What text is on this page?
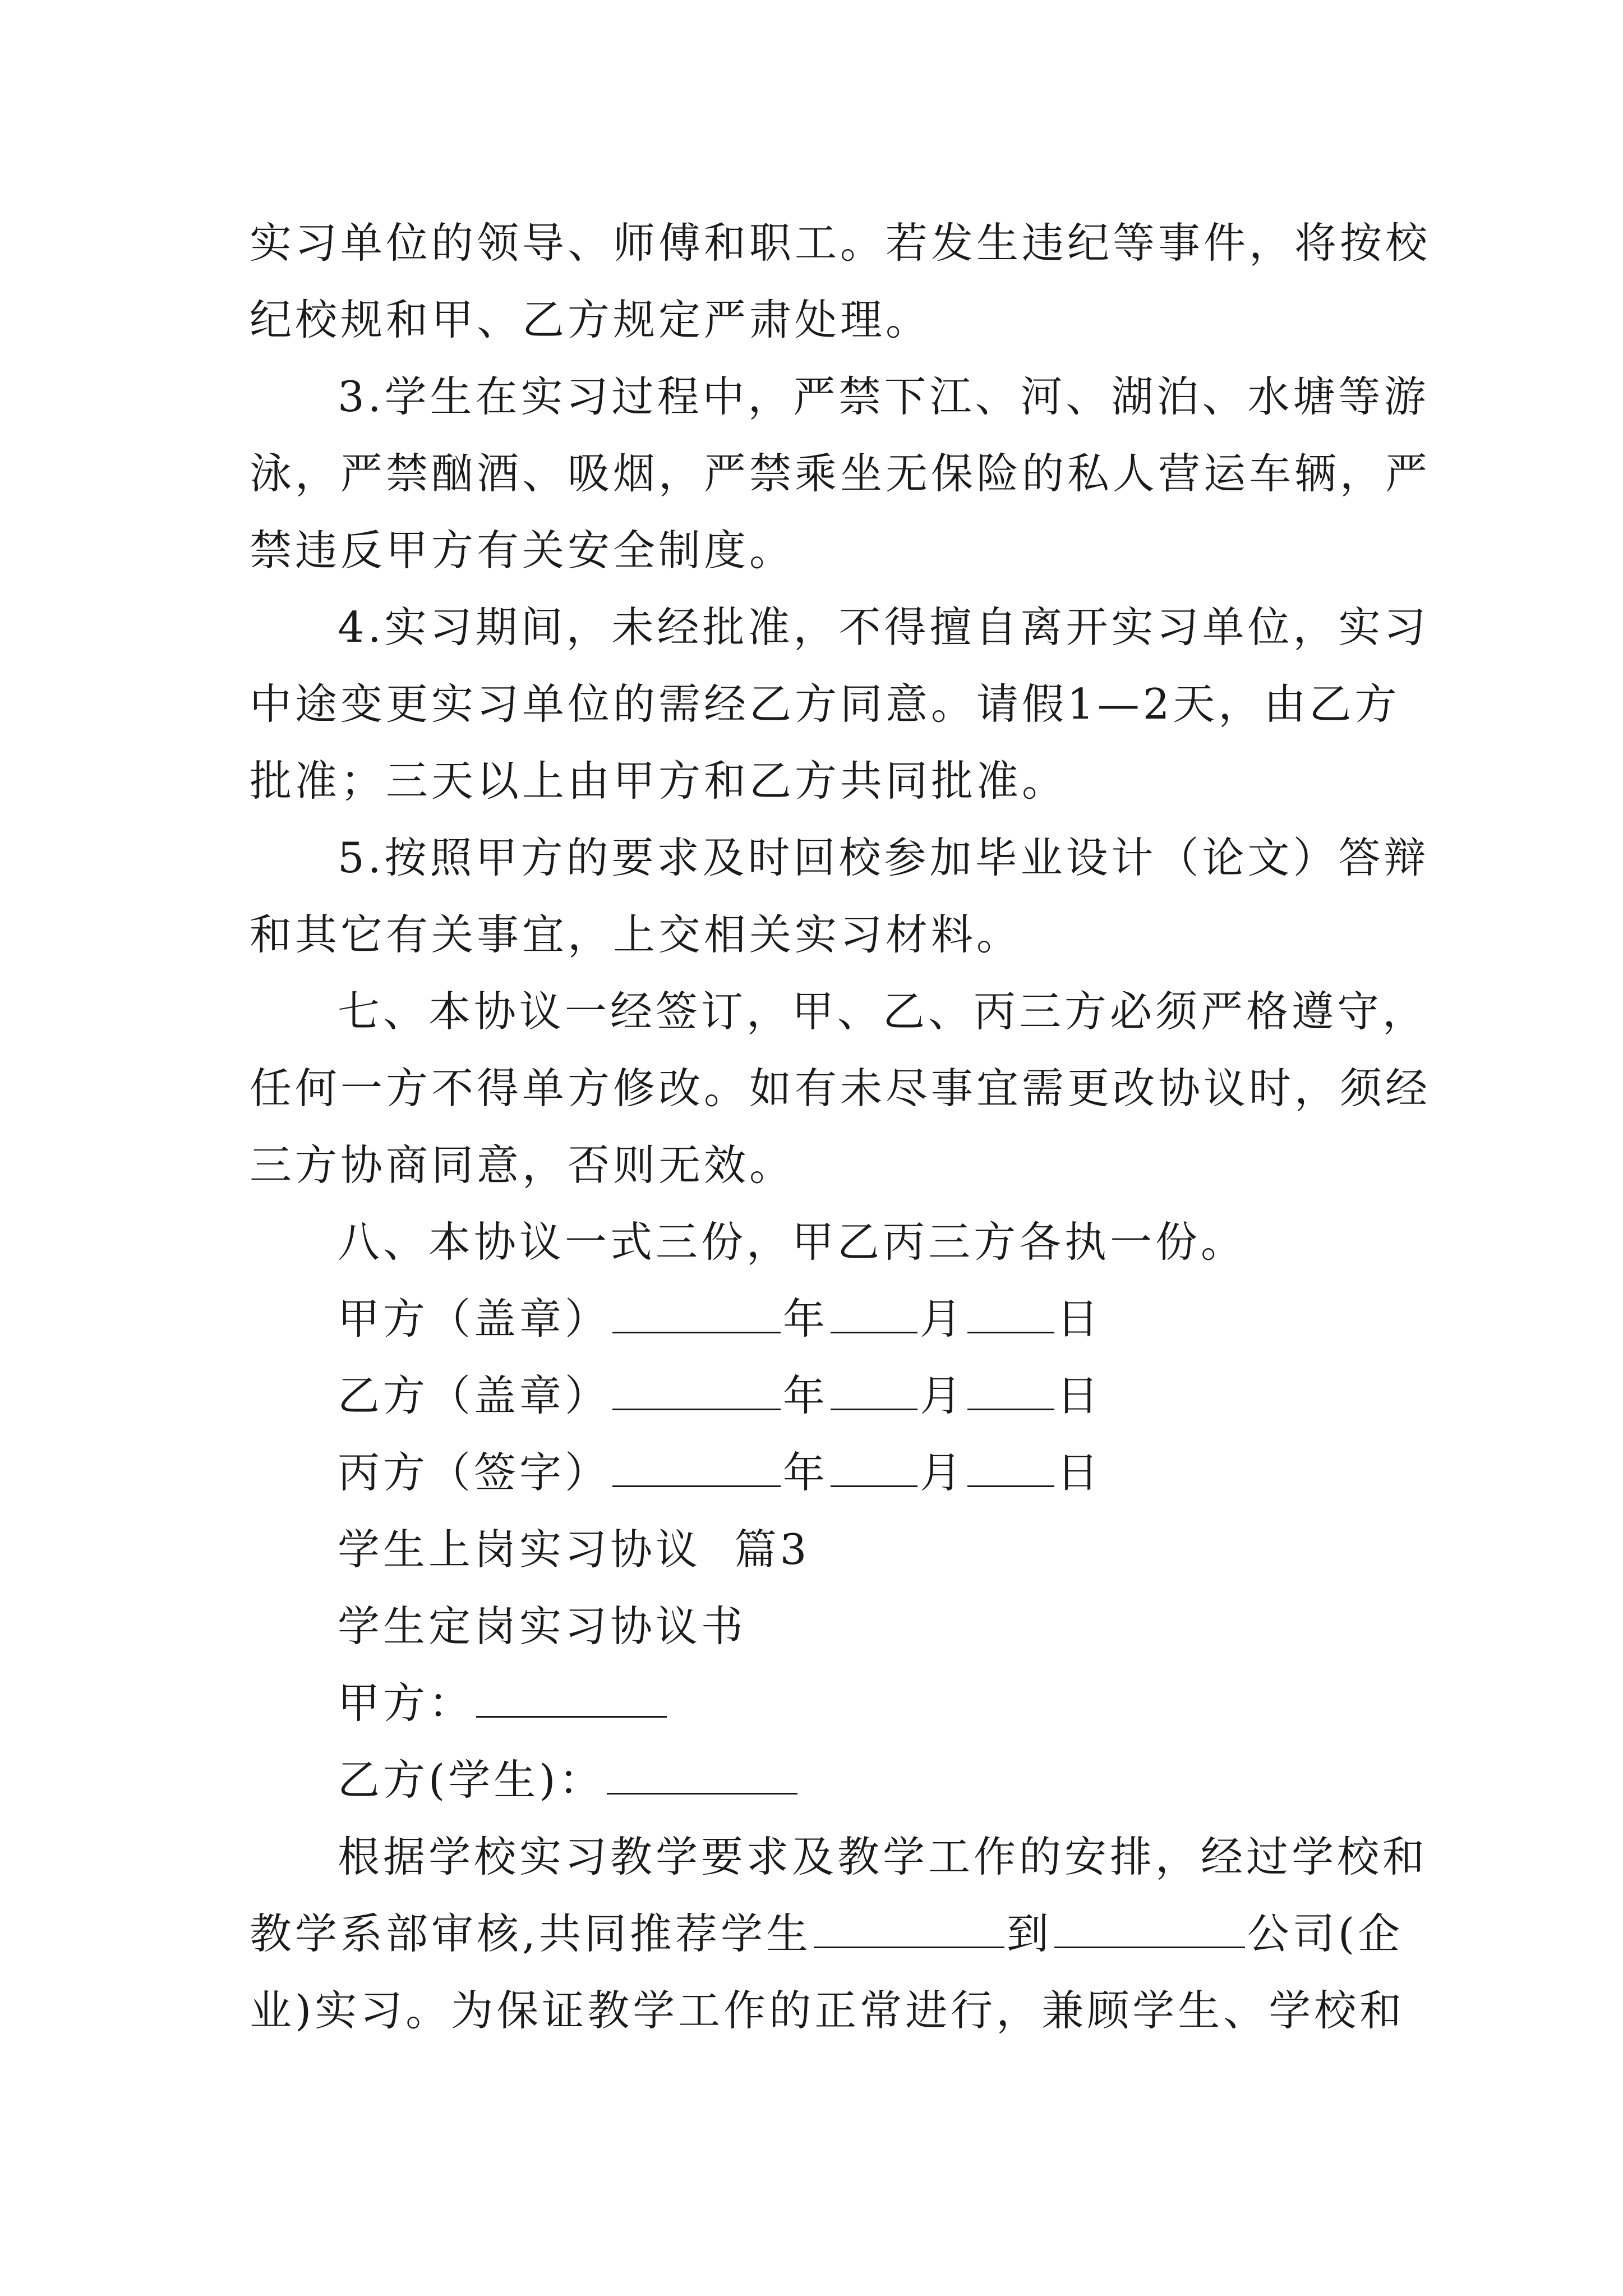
实习单位的领导、师傅和职工。若发生违纪等事件，将按校
纪校规和甲、乙方规定严肃处理。
3.学生在实习过程中，严禁下江、河、湖泊、水塘等游
泳，严禁酗酒、吸烟，严禁乘坐无保险的私人营运车辆，严
禁违反甲方有关安全制度。
4.实习期间，未经批准，不得擅自离开实习单位，实习
中途变更实习单位的需经乙方同意。请假1—2天，由乙方
批准；三天以上由甲方和乙方共同批准。
5.按照甲方的要求及时回校参加毕业设计（论文）答辩
和其它有关事宜，上交相关实习材料。
七、本协议一经签订，甲、乙、丙三方必须严格遵守，
任何一方不得单方修改。如有未尽事宜需更改协议时，须经
三方协商同意，否则无效。
八、本协议一式三份，甲乙丙三方各执一份。
甲方（盖章）	年 月 日
乙方（盖章）	年 月 日
丙方（签字）	年 月 日
学生上岗实习协议  篇3
学生定岗实习协议书
甲方：
乙方(学生)：
根据学校实习教学要求及教学工作的安排，经过学校和
教学系部审核,共同推荐学生	到	公司(企
业)实习。为保证教学工作的正常进行，兼顾学生、学校和
